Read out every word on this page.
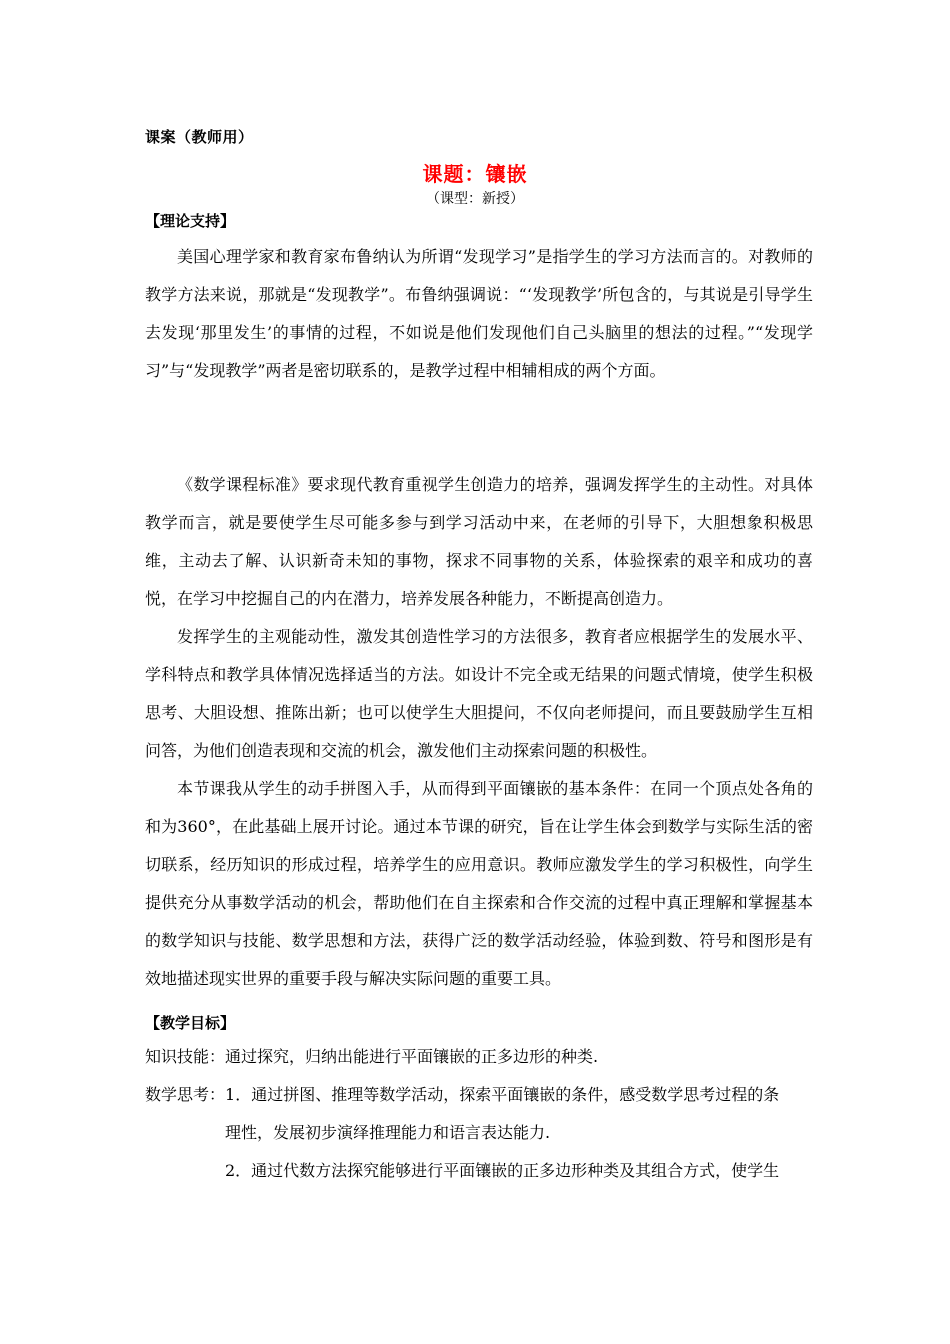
课案（教师用）
课题：镶嵌
（课型：新授）
【理论支持】

美国心理学家和教育家布鲁纳认为所谓“发现学习”是指学生的学习方法而言的。对教师的教学方法来说，那就是“发现教学”。布鲁纳强调说：“‘发现教学’所包含的，与其说是引导学生去发现‘那里发生’的事情的过程，不如说是他们发现他们自己头脑里的想法的过程。”“发现学习”与“发现教学”两者是密切联系的，是教学过程中相辅相成的两个方面。

《数学课程标准》要求现代教育重视学生创造力的培养，强调发挥学生的主动性。对具体教学而言，就是要使学生尽可能多参与到学习活动中来，在老师的引导下，大胆想象积极思维，主动去了解、认识新奇未知的事物，探求不同事物的关系，体验探索的艰辛和成功的喜悦，在学习中挖掘自己的内在潜力，培养发展各种能力，不断提高创造力。

发挥学生的主观能动性，激发其创造性学习的方法很多，教育者应根据学生的发展水平、学科特点和教学具体情况选择适当的方法。如设计不完全或无结果的问题式情境，使学生积极思考、大胆设想、推陈出新；也可以使学生大胆提问，不仅向老师提问，而且要鼓励学生互相问答，为他们创造表现和交流的机会，激发他们主动探索问题的积极性。

本节课我从学生的动手拼图入手，从而得到平面镶嵌的基本条件：在同一个顶点处各角的和为360°，在此基础上展开讨论。通过本节课的研究，旨在让学生体会到数学与实际生活的密切联系，经历知识的形成过程，培养学生的应用意识。教师应激发学生的学习积极性，向学生提供充分从事数学活动的机会，帮助他们在自主探索和合作交流的过程中真正理解和掌握基本的数学知识与技能、数学思想和方法，获得广泛的数学活动经验，体验到数、符号和图形是有效地描述现实世界的重要手段与解决实际问题的重要工具。

【教学目标】
知识技能：通过探究，归纳出能进行平面镶嵌的正多边形的种类.
数学思考：1．通过拼图、推理等数学活动，探索平面镶嵌的条件，感受数学思考过程的条
理性，发展初步演绎推理能力和语言表达能力.
2．通过代数方法探究能够进行平面镶嵌的正多边形种类及其组合方式，使学生
